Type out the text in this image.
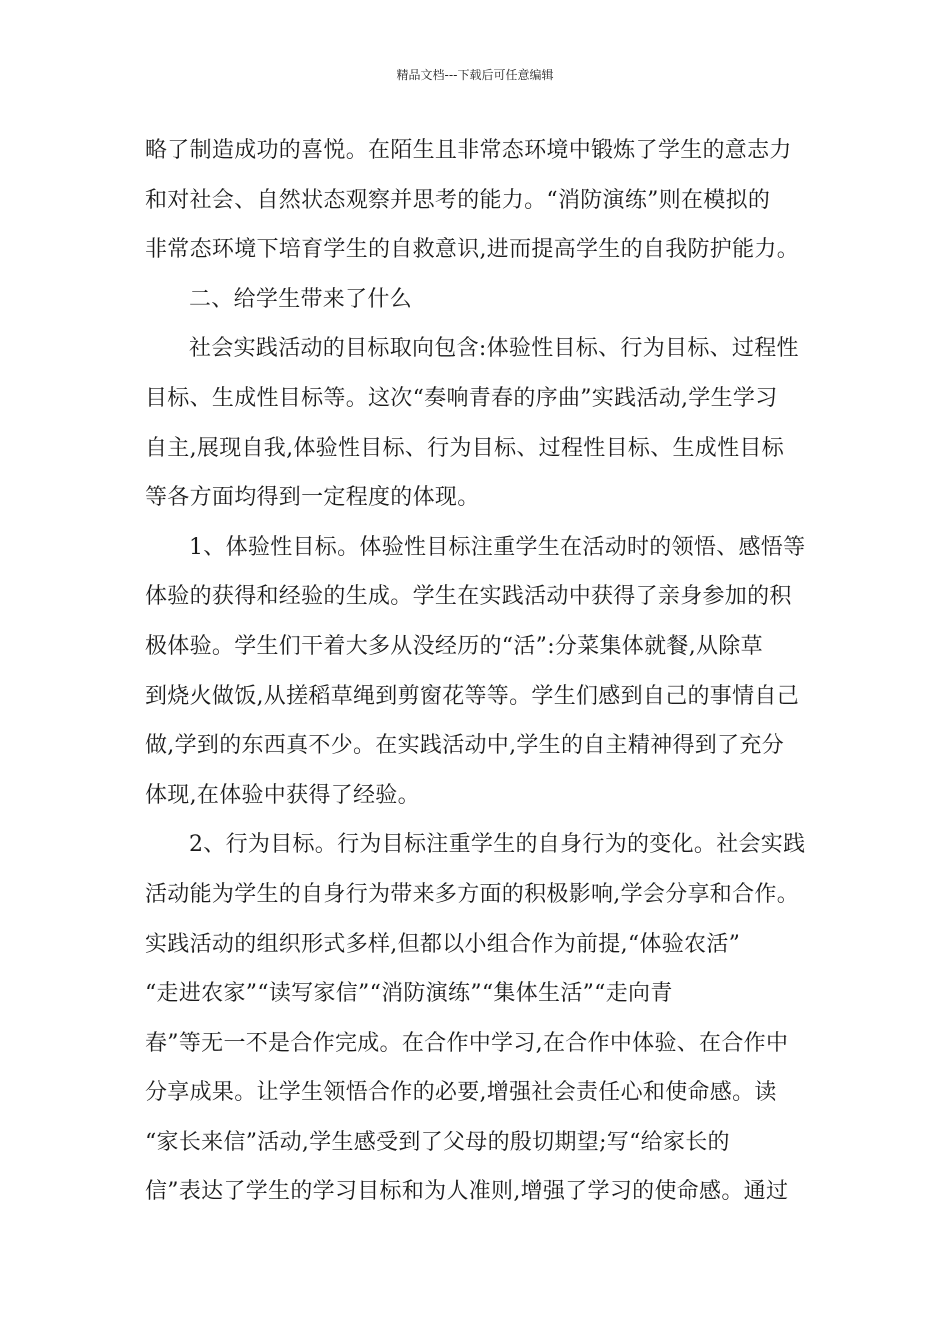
精品文档---下载后可任意编辑
略了制造成功的喜悦。在陌生且非常态环境中锻炼了学生的意志力
和对社会、自然状态观察并思考的能力。“消防演练”则在模拟的
非常态环境下培育学生的自救意识,进而提高学生的自我防护能力。
二、给学生带来了什么
社会实践活动的目标取向包含:体验性目标、行为目标、过程性
目标、生成性目标等。这次“奏响青春的序曲”实践活动,学生学习
自主,展现自我,体验性目标、行为目标、过程性目标、生成性目标
等各方面均得到一定程度的体现。
1、体验性目标。体验性目标注重学生在活动时的领悟、感悟等
体验的获得和经验的生成。学生在实践活动中获得了亲身参加的积
极体验。学生们干着大多从没经历的“活”:分菜集体就餐,从除草
到烧火做饭,从搓稻草绳到剪窗花等等。学生们感到自己的事情自己
做,学到的东西真不少。在实践活动中,学生的自主精神得到了充分
体现,在体验中获得了经验。
2、行为目标。行为目标注重学生的自身行为的变化。社会实践
活动能为学生的自身行为带来多方面的积极影响,学会分享和合作。
实践活动的组织形式多样,但都以小组合作为前提,“体验农活”
“走进农家”“读写家信”“消防演练”“集体生活”“走向青
春”等无一不是合作完成。在合作中学习,在合作中体验、在合作中
分享成果。让学生领悟合作的必要,增强社会责任心和使命感。读
“家长来信”活动,学生感受到了父母的殷切期望;写“给家长的
信”表达了学生的学习目标和为人准则,增强了学习的使命感。通过
